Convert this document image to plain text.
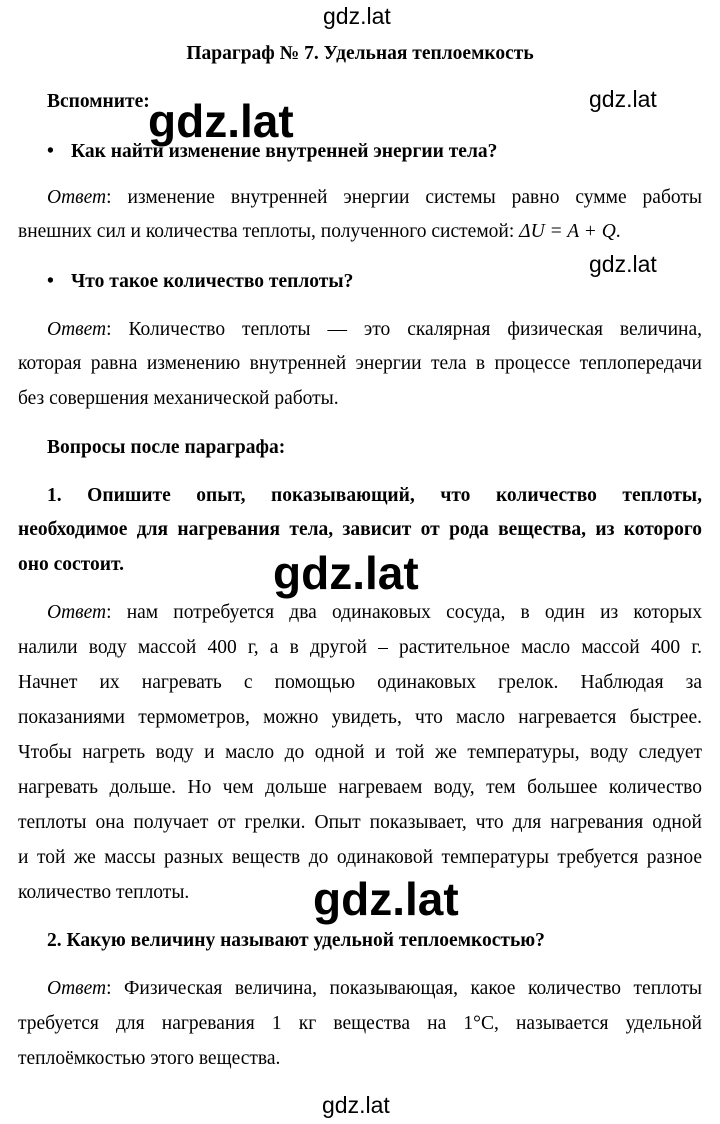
gdz.lat
gdz.lat
gdz.lat
Параграф № 7. Удельная теплоемкость
Вспомните:
• Как найти изменение внутренней энергии тела?
Ответ: изменение внутренней энергии системы равно сумме работы
внешних сил и количества теплоты, полученного системой: ΔU = A + Q.
• Что такое количество теплоты?
Ответ: Количество теплоты — это скалярная физическая величина,
которая равна изменению внутренней энергии тела в процессе теплопередачи
без совершения механической работы.
Вопросы после параграфа:
1. Опишите опыт, показывающий, что количество теплоты,
необходимое для нагревания тела, зависит от рода вещества, из которого
оно состоит.
Ответ: нам потребуется два одинаковых сосуда, в один из которых
налили воду массой 400 г, а в другой – растительное масло массой 400 г.
Начнет их нагревать с помощью одинаковых грелок. Наблюдая за
показаниями термометров, можно увидеть, что масло нагревается быстрее.
Чтобы нагреть воду и масло до одной и той же температуры, воду следует
нагревать дольше. Но чем дольше нагреваем воду, тем большее количество
теплоты она получает от грелки. Опыт показывает, что для нагревания одной
и той же массы разных веществ до одинаковой температуры требуется разное
количество теплоты.
2. Какую величину называют удельной теплоемкостью?
Ответ: Физическая величина, показывающая, какое количество теплоты
требуется для нагревания 1 кг вещества на 1°С, называется удельной
теплоёмкостью этого вещества.
gdz.lat
gdz.lat
gdz.lat
gdz.lat
